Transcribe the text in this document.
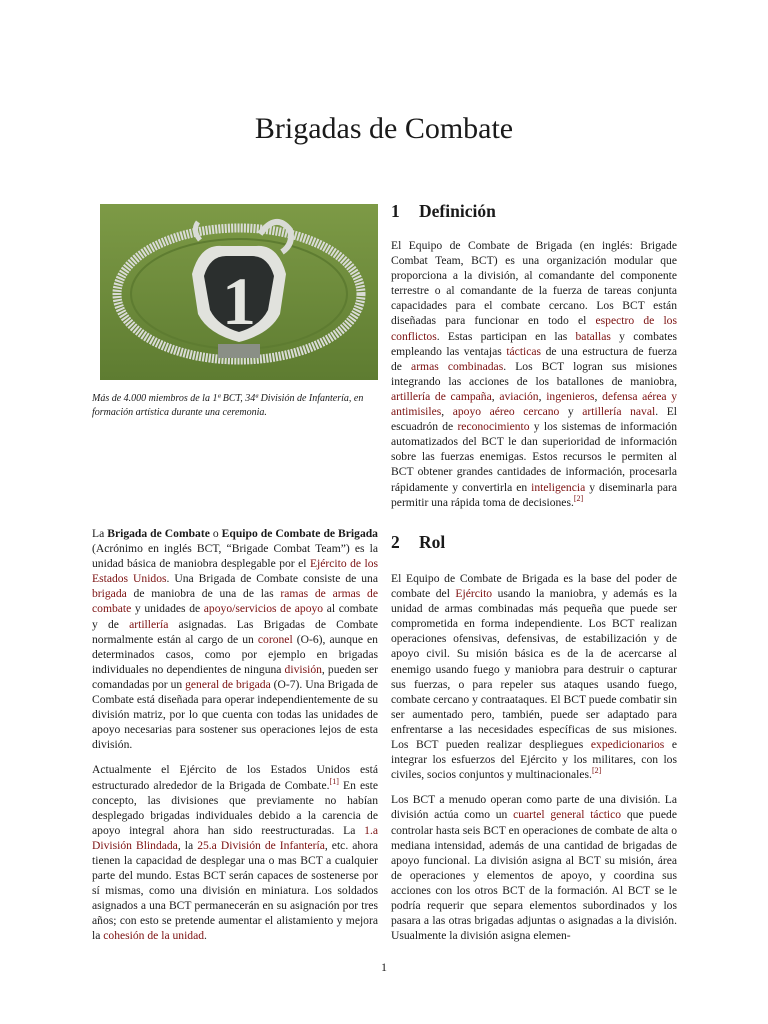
Brigadas de Combate
1

Más de 4.000 miembros de la 1ª BCT, 34ª División de Infantería, en formación artística durante una ceremonia.

La Brigada de Combate o Equipo de Combate de Brigada (Acrónimo en inglés BCT, “Brigade Combat Team”) es la unidad básica de maniobra desplegable por el Ejército de los Estados Unidos. Una Brigada de Combate consiste de una brigada de maniobra de una de las ramas de armas de combate y unidades de apoyo/servicios de apoyo al combate y de artillería asignadas. Las Brigadas de Combate normalmente están al cargo de un coronel (O-6), aunque en determinados casos, como por ejemplo en brigadas individuales no dependientes de ninguna división, pueden ser comandadas por un general de brigada (O-7). Una Brigada de Combate está diseñada para operar independientemente de su división matriz, por lo que cuenta con todas las unidades de apoyo necesarias para sostener sus operaciones lejos de esta división.

Actualmente el Ejército de los Estados Unidos está estructurado alrededor de la Brigada de Combate.[1] En este concepto, las divisiones que previamente no habían desplegado brigadas individuales debido a la carencia de apoyo integral ahora han sido reestructuradas. La 1.a División Blindada, la 25.a División de Infantería, etc. ahora tienen la capacidad de desplegar una o mas BCT a cualquier parte del mundo. Estas BCT serán capaces de sostenerse por sí mismas, como una división en miniatura. Los soldados asignados a una BCT permanecerán en su asignación por tres años; con esto se pretende aumentar el alistamiento y mejora la cohesión de la unidad.

1 Definición

El Equipo de Combate de Brigada (en inglés: Brigade Combat Team, BCT) es una organización modular que proporciona a la división, al comandante del componente terrestre o al comandante de la fuerza de tareas conjunta capacidades para el combate cercano. Los BCT están diseñadas para funcionar en todo el espectro de los conflictos. Estas participan en las batallas y combates empleando las ventajas tácticas de una estructura de fuerza de armas combinadas. Los BCT logran sus misiones integrando las acciones de los batallones de maniobra, artillería de campaña, aviación, ingenieros, defensa aérea y antimisiles, apoyo aéreo cercano y artillería naval. El escuadrón de reconocimiento y los sistemas de información automatizados del BCT le dan superioridad de información sobre las fuerzas enemigas. Estos recursos le permiten al BCT obtener grandes cantidades de información, procesarla rápidamente y convertirla en inteligencia y diseminarla para permitir una rápida toma de decisiones.[2]

2 Rol

El Equipo de Combate de Brigada es la base del poder de combate del Ejército usando la maniobra, y además es la unidad de armas combinadas más pequeña que puede ser comprometida en forma independiente. Los BCT realizan operaciones ofensivas, defensivas, de estabilización y de apoyo civil. Su misión básica es de la de acercarse al enemigo usando fuego y maniobra para destruir o capturar sus fuerzas, o para repeler sus ataques usando fuego, combate cercano y contraataques. El BCT puede combatir sin ser aumentado pero, también, puede ser adaptado para enfrentarse a las necesidades específicas de sus misiones. Los BCT pueden realizar despliegues expedicionarios e integrar los esfuerzos del Ejército y los militares, con los civiles, socios conjuntos y multinacionales.[2]

Los BCT a menudo operan como parte de una división. La división actúa como un cuartel general táctico que puede controlar hasta seis BCT en operaciones de combate de alta o mediana intensidad, además de una cantidad de brigadas de apoyo funcional. La división asigna al BCT su misión, área de operaciones y elementos de apoyo, y coordina sus acciones con los otros BCT de la formación. Al BCT se le podría requerir que separa elementos subordinados y los pasara a las otras brigadas adjuntas o asignadas a la división. Usualmente la división asigna elemen-

1
